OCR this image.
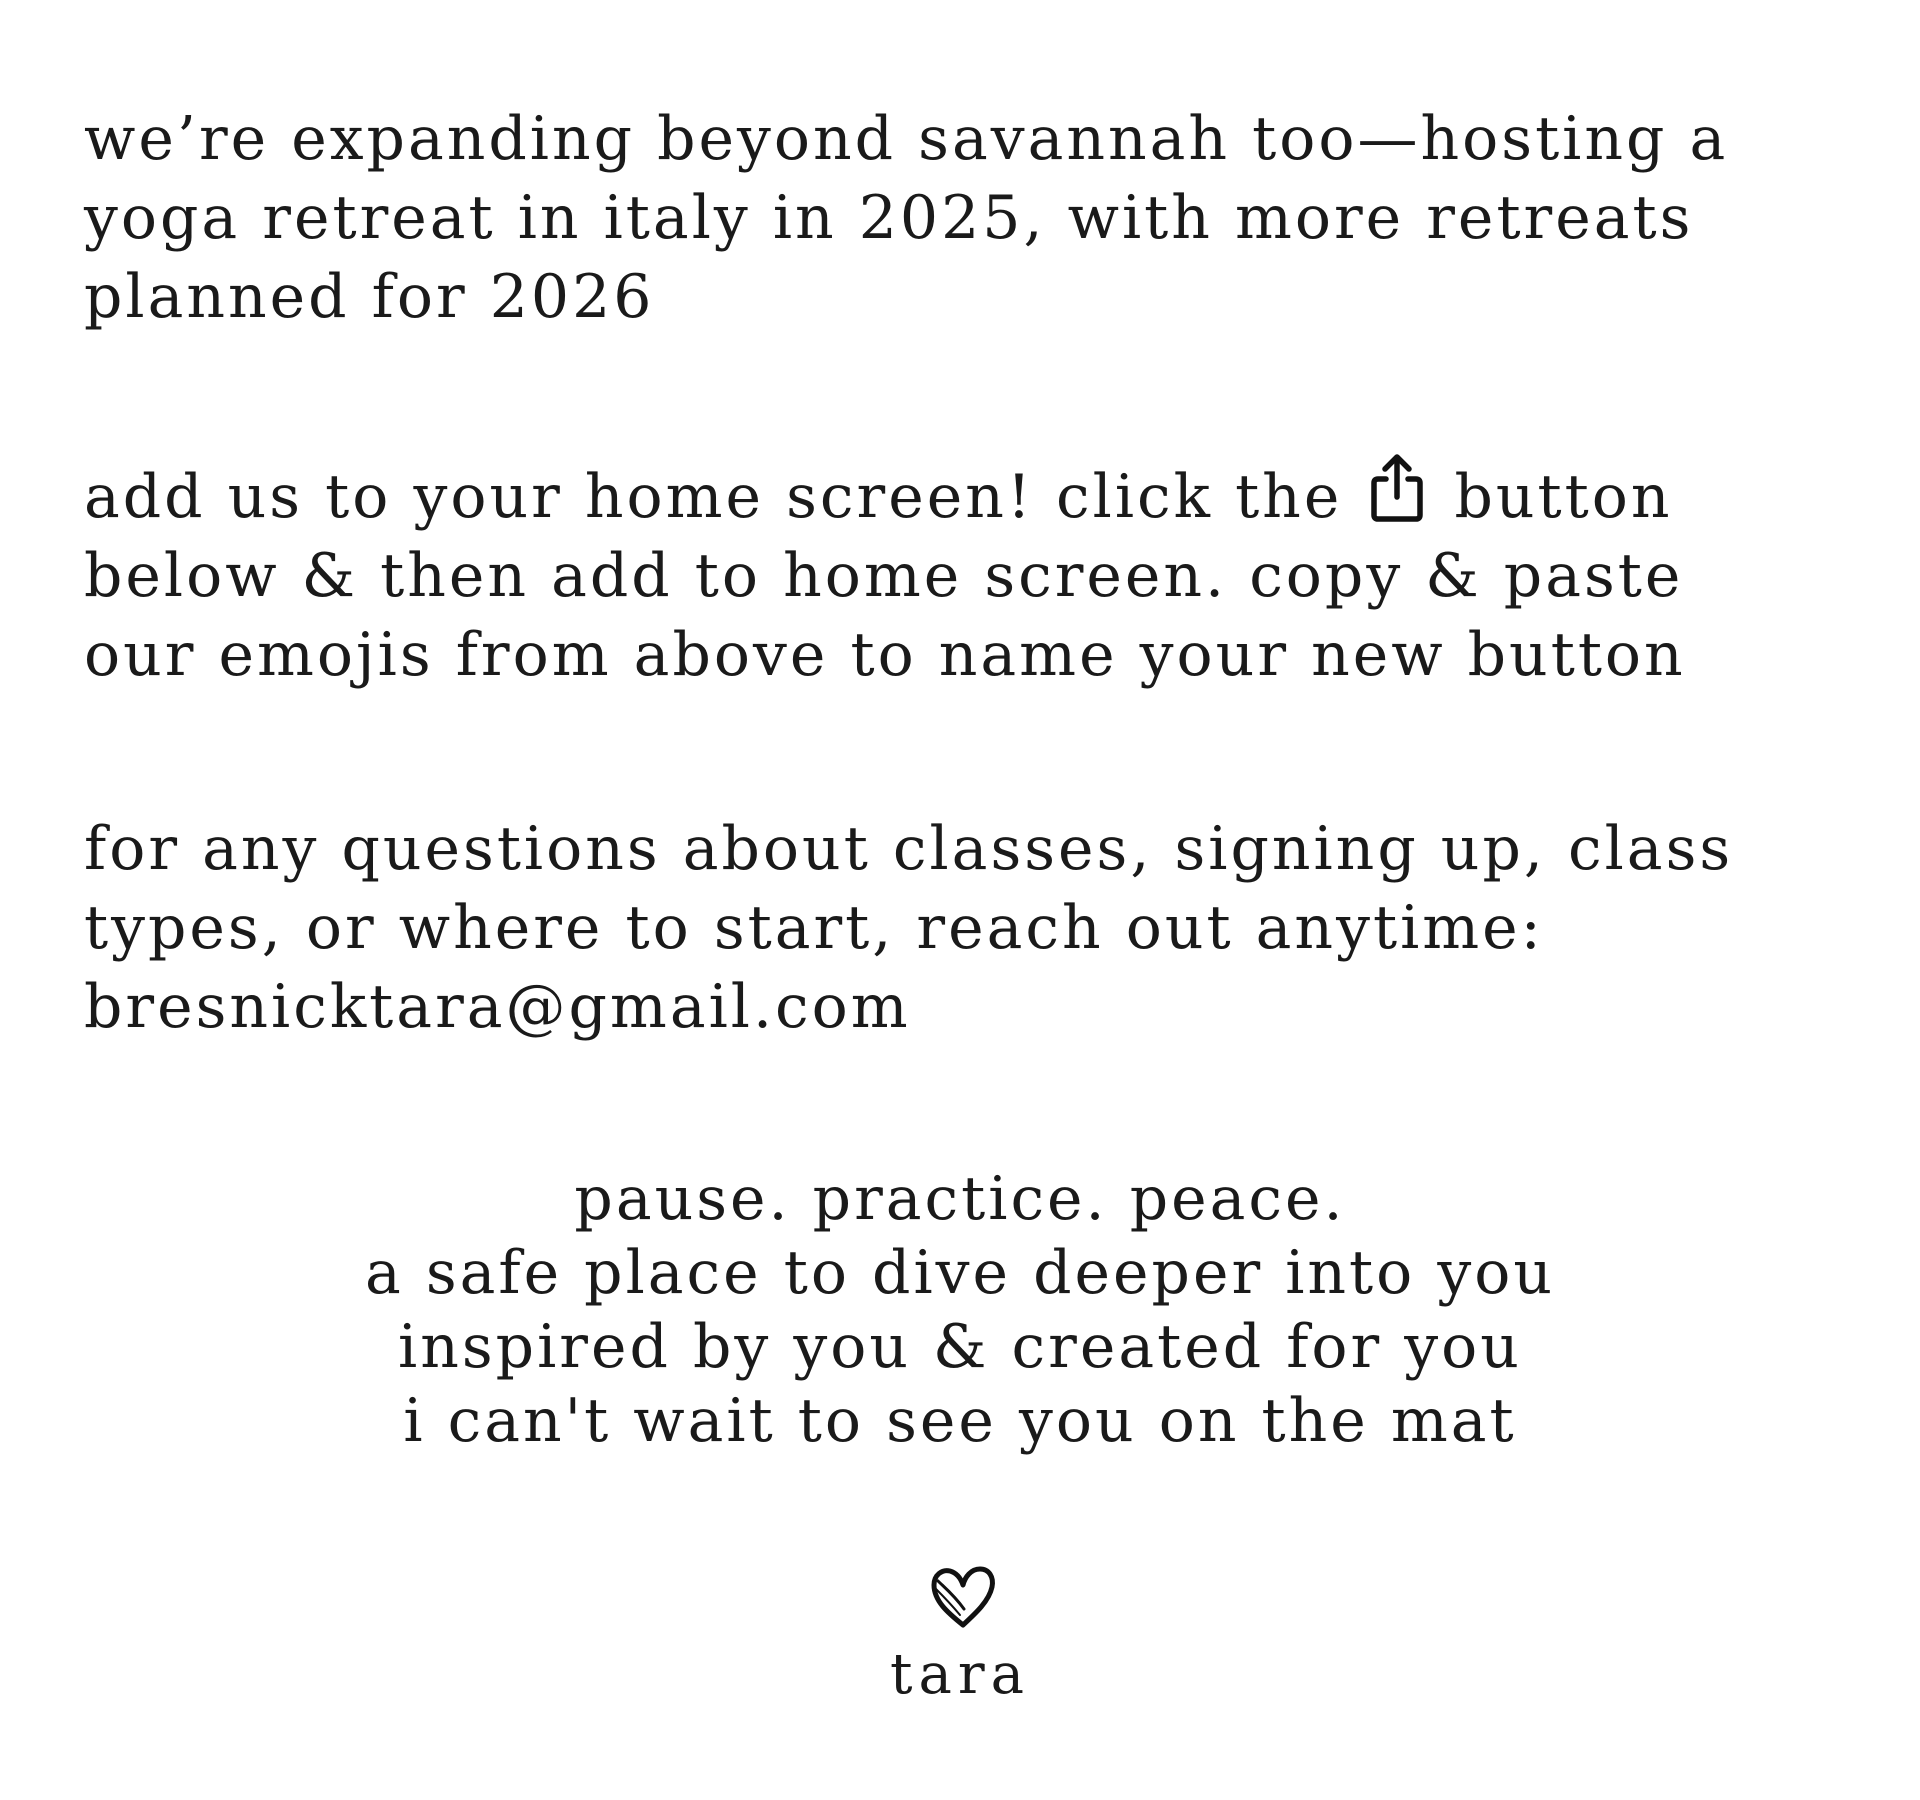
we’re expanding beyond savannah too—hosting a
yoga retreat in italy in 2025, with more retreats
planned for 2026

add us to your home screen! click the button
below & then add to home screen. copy & paste
our emojis from above to name your new button

for any questions about classes, signing up, class
types, or where to start, reach out anytime:
bresnicktara@gmail.com

pause. practice. peace.
a safe place to dive deeper into you
inspired by you & created for you
i can't wait to see you on the mat
tara
